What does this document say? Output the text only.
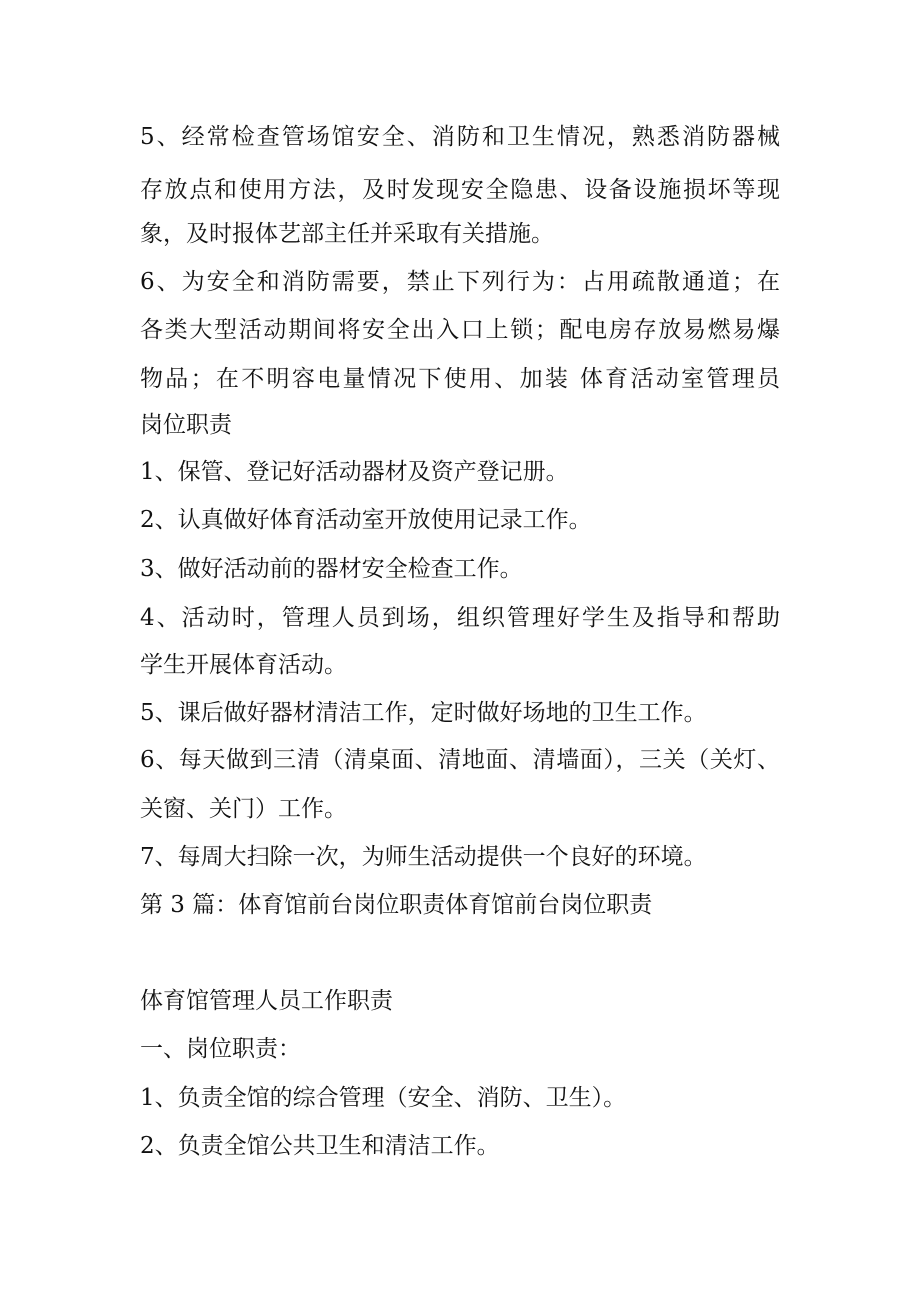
5、经常检查管场馆安全、消防和卫生情况，熟悉消防器械
存放点和使用方法，及时发现安全隐患、设备设施损坏等现
象，及时报体艺部主任并采取有关措施。
6、为安全和消防需要，禁止下列行为：占用疏散通道；在
各类大型活动期间将安全出入口上锁；配电房存放易燃易爆
物品；在不明容电量情况下使用、加装 体育活动室管理员
岗位职责
1、保管、登记好活动器材及资产登记册。
2、认真做好体育活动室开放使用记录工作。
3、做好活动前的器材安全检查工作。
4、活动时，管理人员到场，组织管理好学生及指导和帮助
学生开展体育活动。
5、课后做好器材清洁工作，定时做好场地的卫生工作。
6、每天做到三清（清桌面、清地面、清墙面），三关（关灯、
关窗、关门）工作。
7、每周大扫除一次，为师生活动提供一个良好的环境。
第 3 篇：体育馆前台岗位职责体育馆前台岗位职责
体育馆管理人员工作职责
一、岗位职责：
1、负责全馆的综合管理（安全、消防、卫生）。
2、负责全馆公共卫生和清洁工作。
